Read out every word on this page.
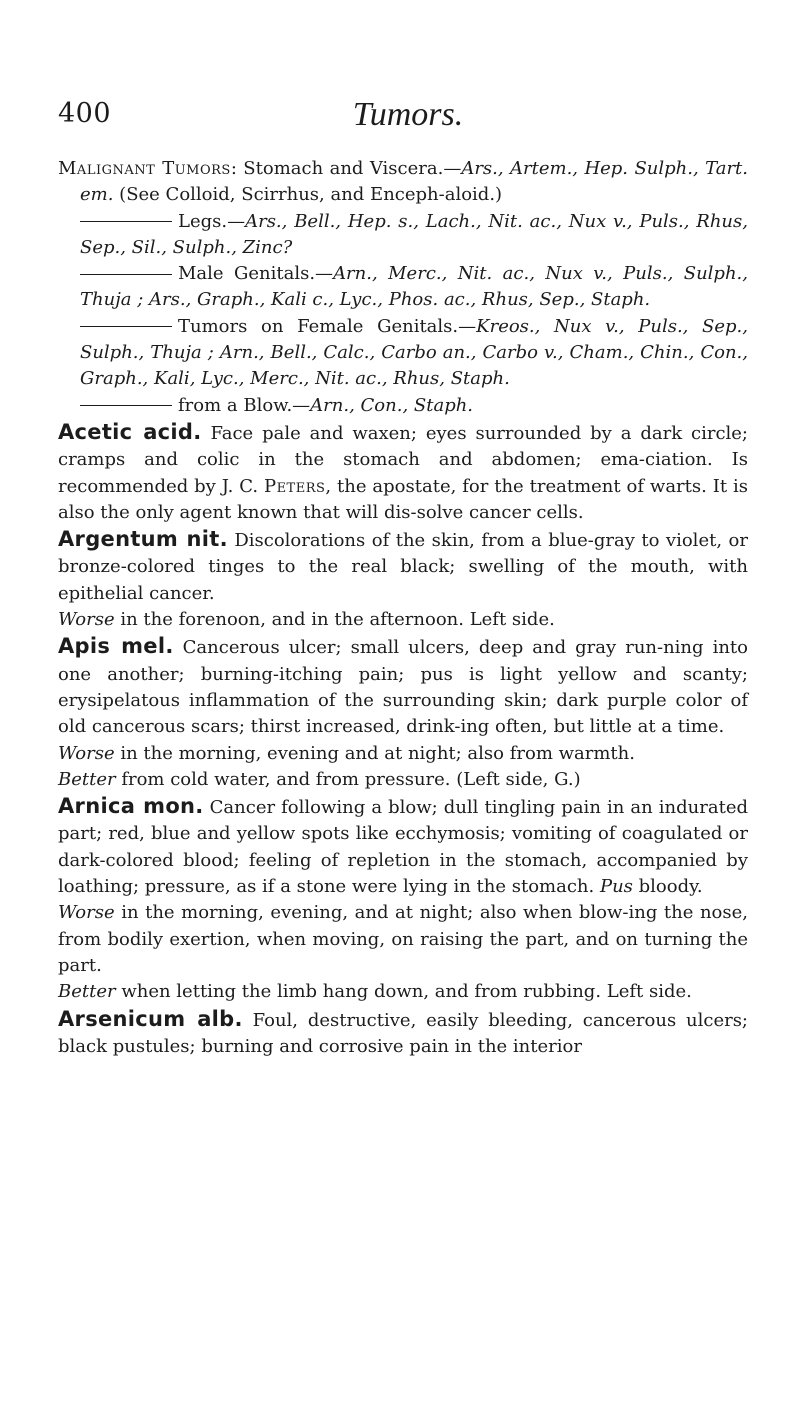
400	Tumors.

Malignant Tumors: Stomach and Viscera.—Ars., Artem., Hep. Sulph., Tart. em. (See Colloid, Scirrhus, and Enceph-aloid.)

Legs.—Ars., Bell., Hep. s., Lach., Nit. ac., Nux v., Puls., Rhus, Sep., Sil., Sulph., Zinc?

Male Genitals.—Arn., Merc., Nit. ac., Nux v., Puls., Sulph., Thuja ; Ars., Graph., Kali c., Lyc., Phos. ac., Rhus, Sep., Staph.

Tumors on Female Genitals.—Kreos., Nux v., Puls., Sep., Sulph., Thuja ; Arn., Bell., Calc., Carbo an., Carbo v., Cham., Chin., Con., Graph., Kali, Lyc., Merc., Nit. ac., Rhus, Staph.

from a Blow.—Arn., Con., Staph.

Acetic acid. Face pale and waxen; eyes surrounded by a dark circle; cramps and colic in the stomach and abdomen; ema-ciation. Is recommended by J. C. Peters, the apostate, for the treatment of warts. It is also the only agent known that will dis-solve cancer cells.

Argentum nit. Discolorations of the skin, from a blue-gray to violet, or bronze-colored tinges to the real black; swelling of the mouth, with epithelial cancer.
Worse in the forenoon, and in the afternoon. Left side.

Apis mel. Cancerous ulcer; small ulcers, deep and gray run-ning into one another; burning-itching pain; pus is light yellow and scanty; erysipelatous inflammation of the surrounding skin; dark purple color of old cancerous scars; thirst increased, drink-ing often, but little at a time.
Worse in the morning, evening and at night; also from warmth.
Better from cold water, and from pressure. (Left side, G.)

Arnica mon. Cancer following a blow; dull tingling pain in an indurated part; red, blue and yellow spots like ecchymosis; vomiting of coagulated or dark-colored blood; feeling of repletion in the stomach, accompanied by loathing; pressure, as if a stone were lying in the stomach. Pus bloody.
Worse in the morning, evening, and at night; also when blow-ing the nose, from bodily exertion, when moving, on raising the part, and on turning the part.
Better when letting the limb hang down, and from rubbing. Left side.

Arsenicum alb. Foul, destructive, easily bleeding, cancerous ulcers; black pustules; burning and corrosive pain in the interior
